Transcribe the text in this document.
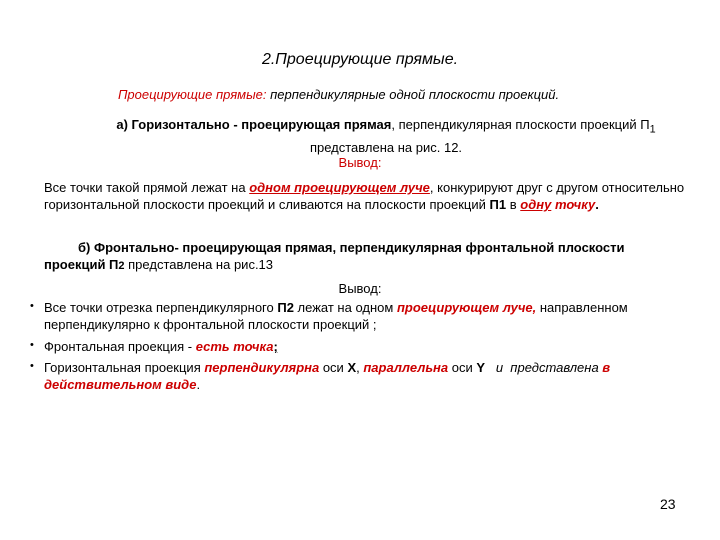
2.Проецирующие прямые.
Проецирующие прямые: перпендикулярные одной плоскости проекций.
а) Горизонтально - проецирующая прямая, перпендикулярная плоскости проекций $П_1$
представлена на рис. 12.
Вывод:
Все точки такой прямой лежат на одном проецирующем луче, конкурируют друг с другом относительно горизонтальной плоскости проекций и сливаются на плоскости проекций П1 в одну точку.
б) Фронтально- проецирующая прямая, перпендикулярная фронтальной плоскости
проекций П2 представлена на рис.13
Вывод:
• Все точки отрезка перпендикулярного П2 лежат на одном проецирующем луче, направленном перпендикулярно к фронтальной плоскости проекций ;
• Фронтальная проекция - есть точка;
• Горизонтальная проекция перпендикулярна оси Х, параллельна оси Y   и  представлена в действительном виде.
23
